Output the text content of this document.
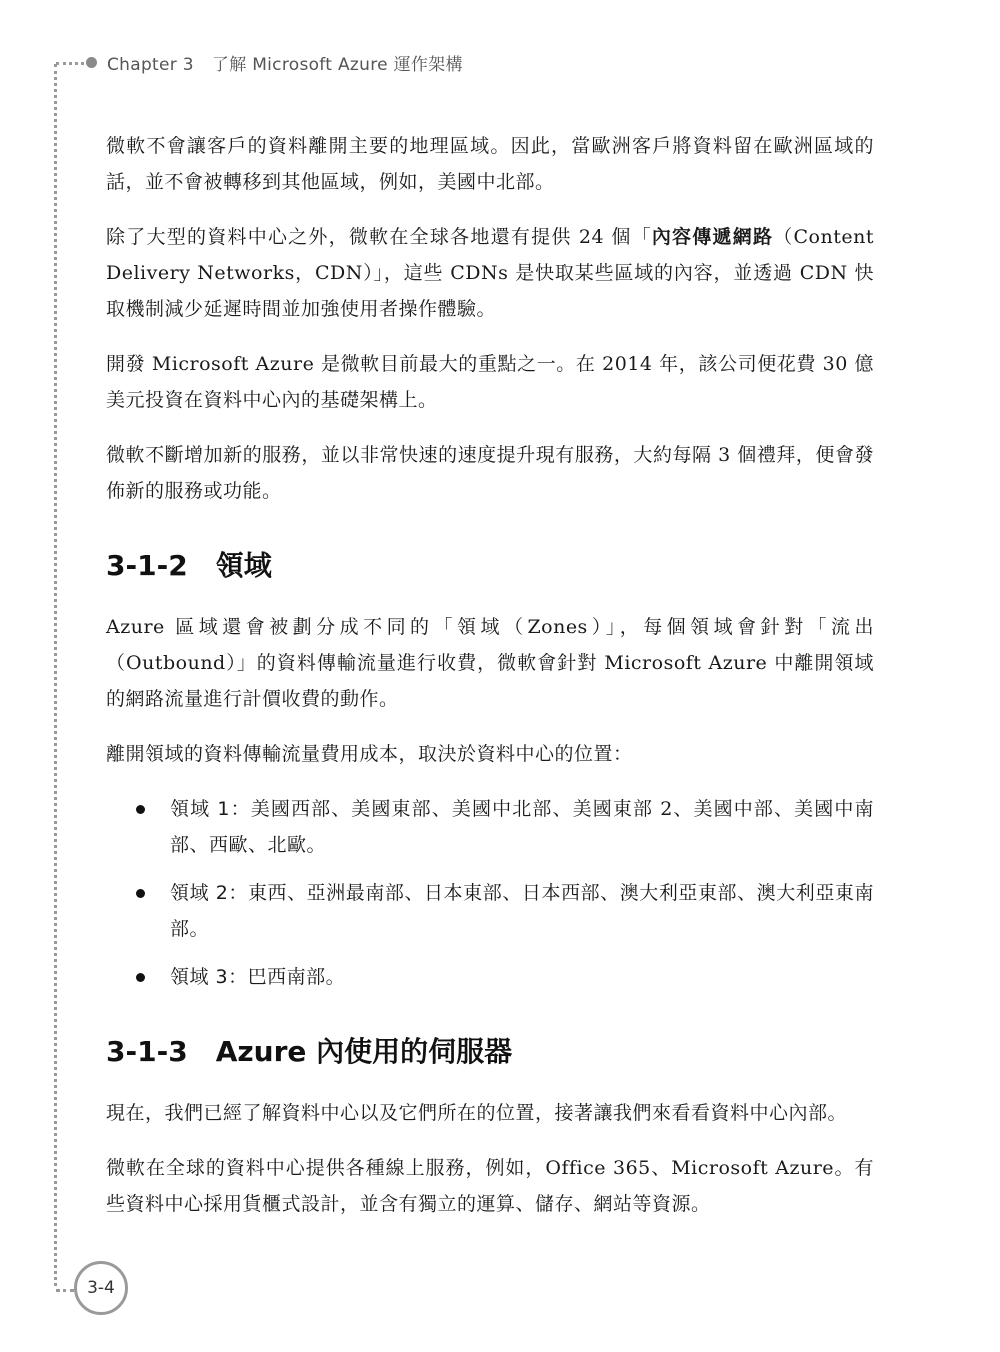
Chapter 3 了解 Microsoft Azure 運作架構

微軟不會讓客戶的資料離開主要的地理區域。因此，當歐洲客戶將資料留在歐洲區域的話，並不會被轉移到其他區域，例如，美國中北部。

除了大型的資料中心之外，微軟在全球各地還有提供 24 個「內容傳遞網路（Content Delivery Networks，CDN）」，這些 CDNs 是快取某些區域的內容，並透過 CDN 快取機制減少延遲時間並加強使用者操作體驗。

開發 Microsoft Azure 是微軟目前最大的重點之一。在 2014 年，該公司便花費 30 億美元投資在資料中心內的基礎架構上。

微軟不斷增加新的服務，並以非常快速的速度提升現有服務，大約每隔 3 個禮拜，便會發佈新的服務或功能。

3-1-2　領域

Azure 區域還會被劃分成不同的「領域（Zones）」，每個領域會針對「流出（Outbound）」的資料傳輸流量進行收費，微軟會針對 Microsoft Azure 中離開領域的網路流量進行計價收費的動作。

離開領域的資料傳輸流量費用成本，取決於資料中心的位置：

領域 1：美國西部、美國東部、美國中北部、美國東部 2、美國中部、美國中南部、西歐、北歐。
領域 2：東西、亞洲最南部、日本東部、日本西部、澳大利亞東部、澳大利亞東南部。
領域 3：巴西南部。
3-1-3　Azure 內使用的伺服器

現在，我們已經了解資料中心以及它們所在的位置，接著讓我們來看看資料中心內部。

微軟在全球的資料中心提供各種線上服務，例如，Office 365、Microsoft Azure。有些資料中心採用貨櫃式設計，並含有獨立的運算、儲存、網站等資源。

3-4
